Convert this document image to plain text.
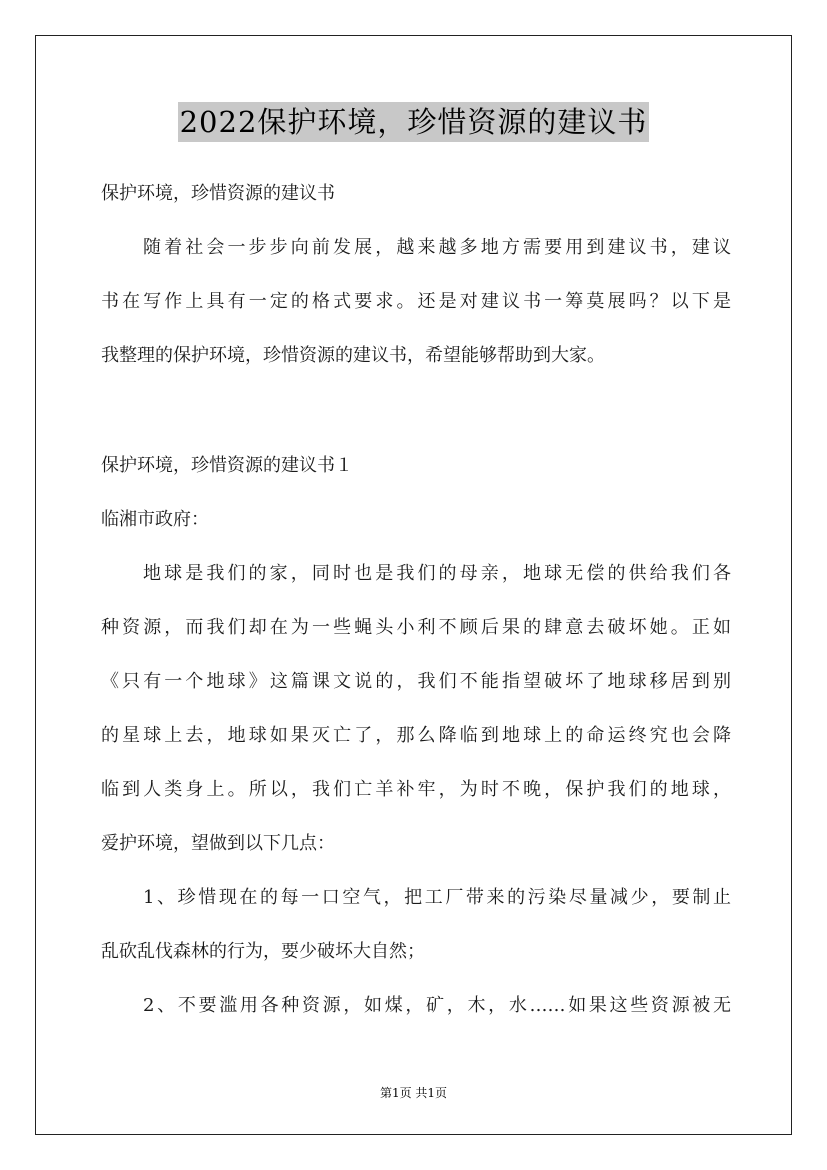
2022保护环境，珍惜资源的建议书
保护环境，珍惜资源的建议书
随着社会一步步向前发展，越来越多地方需要用到建议书，建议
书在写作上具有一定的格式要求。还是对建议书一筹莫展吗？以下是
我整理的保护环境，珍惜资源的建议书，希望能够帮助到大家。
保护环境，珍惜资源的建议书１
临湘市政府：
地球是我们的家，同时也是我们的母亲，地球无偿的供给我们各
种资源，而我们却在为一些蝇头小利不顾后果的肆意去破坏她。正如
《只有一个地球》这篇课文说的，我们不能指望破坏了地球移居到别
的星球上去，地球如果灭亡了，那么降临到地球上的命运终究也会降
临到人类身上。所以，我们亡羊补牢，为时不晚，保护我们的地球，
爱护环境，望做到以下几点：
1、珍惜现在的每一口空气，把工厂带来的污染尽量减少，要制止
乱砍乱伐森林的行为，要少破坏大自然；
2、不要滥用各种资源，如煤，矿，木，水……如果这些资源被无
第1页 共1页
